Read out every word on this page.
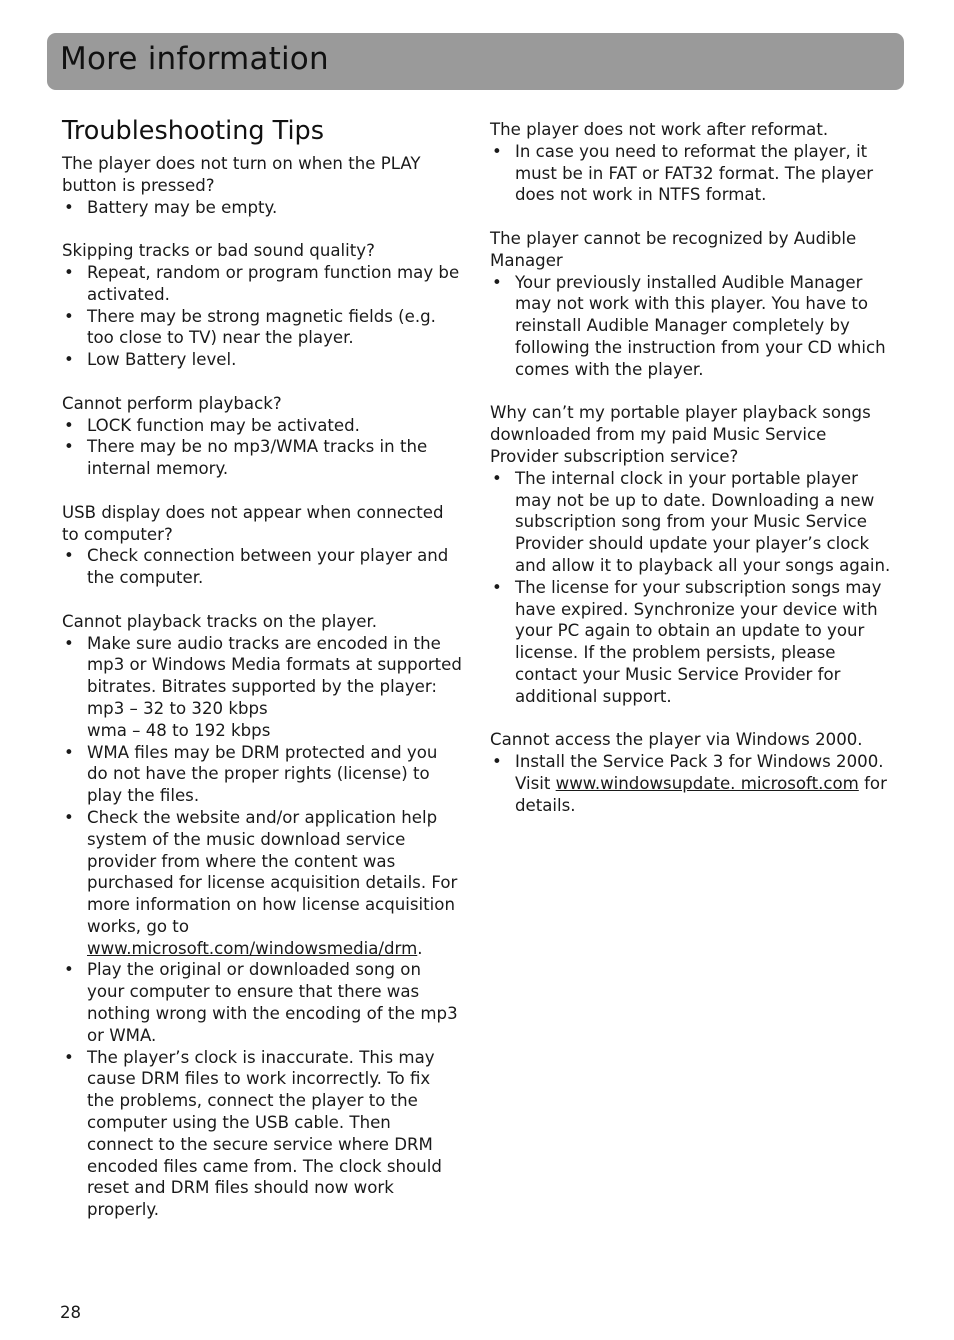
More information
Troubleshooting Tips

The player does not turn on when the PLAY button is pressed?

• Battery may be empty.

Skipping tracks or bad sound quality?

• Repeat, random or program function may be activated.
• There may be strong magnetic fields (e.g. too close to TV) near the player.
• Low Battery level.

Cannot perform playback?

• LOCK function may be activated.
• There may be no mp3/WMA tracks in the internal memory.

USB display does not appear when connected to computer?

• Check connection between your player and the computer.

Cannot playback tracks on the player.

• Make sure audio tracks are encoded in the mp3 or Windows Media formats at supported bitrates. Bitrates supported by the player:
mp3 – 32 to 320 kbps
wma – 48 to 192 kbps
• WMA files may be DRM protected and you do not have the proper rights (license) to play the files.
• Check the website and/or application help system of the music download service provider from where the content was purchased for license acquisition details. For more information on how license acquisition works, go to www.microsoft.com/windowsmedia/drm.
• Play the original or downloaded song on your computer to ensure that there was nothing wrong with the encoding of the mp3 or WMA.
• The player’s clock is inaccurate. This may cause DRM files to work incorrectly. To fix the problems, connect the player to the computer using the USB cable. Then connect to the secure service where DRM encoded files came from. The clock should reset and DRM files should now work properly.

The player does not work after reformat.

• In case you need to reformat the player, it must be in FAT or FAT32 format. The player does not work in NTFS format.

The player cannot be recognized by Audible Manager

• Your previously installed Audible Manager may not work with this player. You have to reinstall Audible Manager completely by following the instruction from your CD which comes with the player.

Why can’t my portable player playback songs downloaded from my paid Music Service Provider subscription service?

• The internal clock in your portable player may not be up to date. Downloading a new subscription song from your Music Service Provider should update your player’s clock and allow it to playback all your songs again.
• The license for your subscription songs may have expired. Synchronize your device with your PC again to obtain an update to your license. If the problem persists, please contact your Music Service Provider for additional support.

Cannot access the player via Windows 2000.

• Install the Service Pack 3 for Windows 2000. Visit www.windowsupdate. microsoft.com for details.
28
